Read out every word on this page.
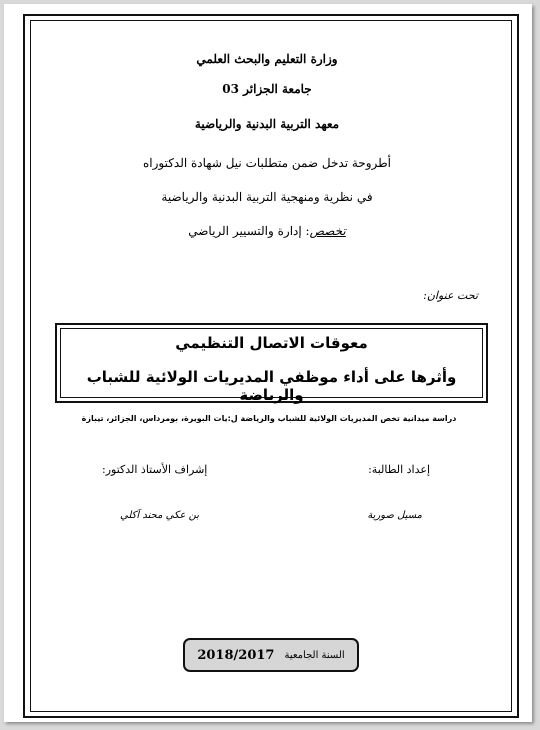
وزارة التعليم والبحث العلمي
جامعة الجزائر 03
معهد التربية البدنية والرياضية
أطروحة تدخل ضمن متطلبات نيل شهادة الدكتوراه
في نظرية ومنهجية التربية البدنية والرياضية
تخصص: إدارة والتسيير الرياضي
تحت عنوان:
معوقات الاتصال التنظيمي
وأثرها على أداء موظفي المديريات الولائية للشباب والرياضة
دراسة ميدانية تخص المديريات الولائية للشباب والرياضة ل:يات البويرة، بومرداس، الجزائر، تيبازة
إعداد الطالبة:
إشراف الأستاذ الدكتور:
مسيل صورية
بن عكي محند آكلي
السنة الجامعية
2018/2017
